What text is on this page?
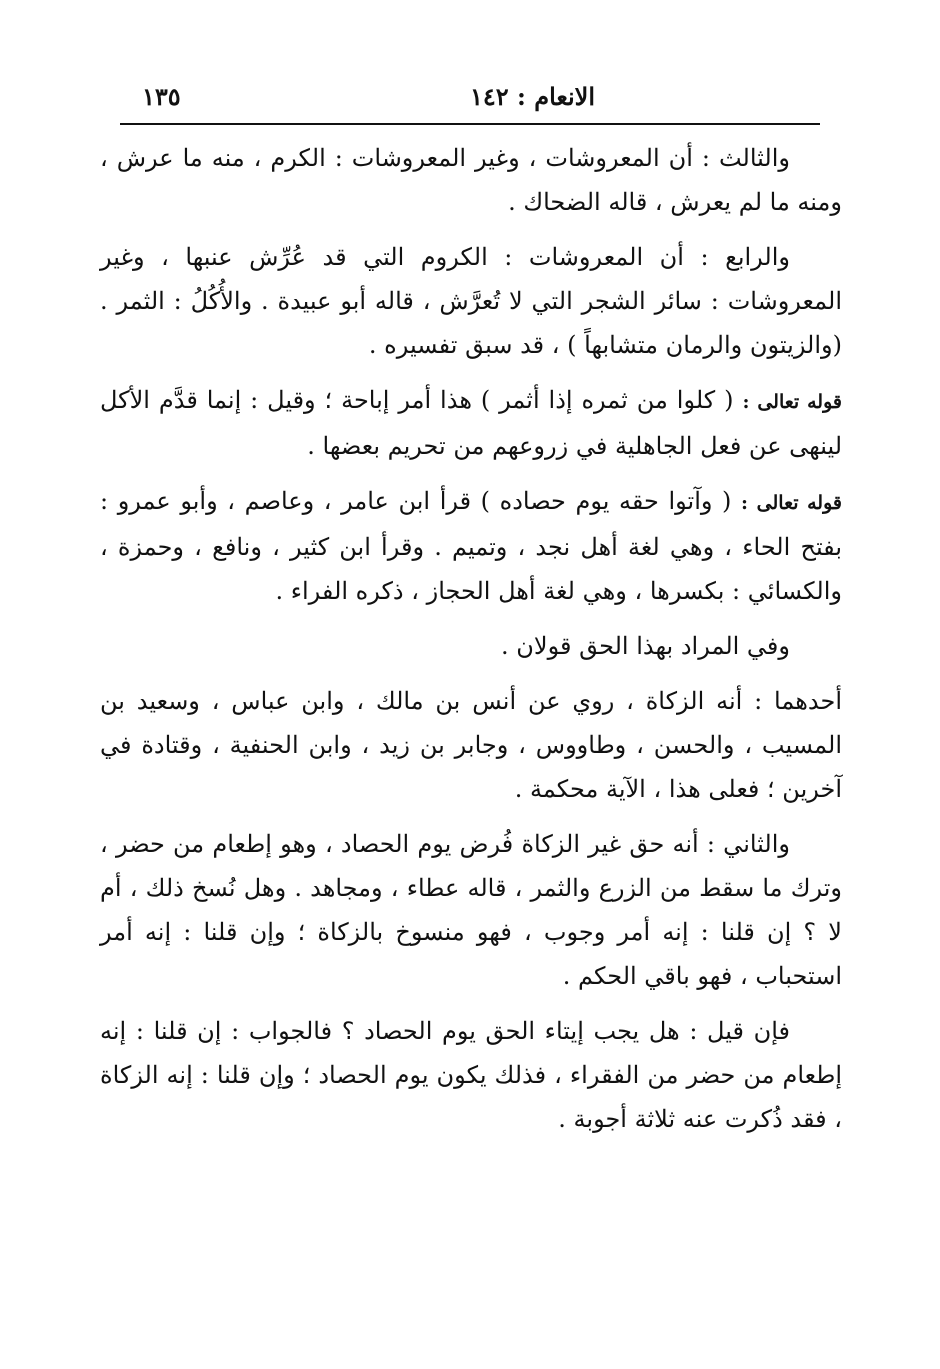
الانعام : ١٤٢
١٣٥

والثالث : أن المعروشات ، وغير المعروشات : الكرم ، منه ما عرش ، ومنه ما لم يعرش ، قاله الضحاك .

والرابع : أن المعروشات : الكروم التي قد عُرِّش عنبها ، وغير المعروشات : سائر الشجر التي لا تُعرَّش ، قاله أبو عبيدة . والأُكُلُ : الثمر . (والزيتون والرمان متشابهاً ) ، قد سبق تفسيره .

قوله تعالى : ( كلوا من ثمره إذا أثمر ) هذا أمر إباحة ؛ وقيل : إنما قدَّم الأكل لينهى عن فعل الجاهلية في زروعهم من تحريم بعضها .

قوله تعالى : ( وآتوا حقه يوم حصاده ) قرأ ابن عامر ، وعاصم ، وأبو عمرو : بفتح الحاء ، وهي لغة أهل نجد ، وتميم . وقرأ ابن كثير ، ونافع ، وحمزة ، والكسائي : بكسرها ، وهي لغة أهل الحجاز ، ذكره الفراء .

وفي المراد بهذا الحق قولان .

أحدهما : أنه الزكاة ، روي عن أنس بن مالك ، وابن عباس ، وسعيد بن المسيب ، والحسن ، وطاووس ، وجابر بن زيد ، وابن الحنفية ، وقتادة في آخرين ؛ فعلى هذا ، الآية محكمة .

والثاني : أنه حق غير الزكاة فُرض يوم الحصاد ، وهو إطعام من حضر ، وترك ما سقط من الزرع والثمر ، قاله عطاء ، ومجاهد . وهل نُسخ ذلك ، أم لا ؟ إن قلنا : إنه أمر وجوب ، فهو منسوخ بالزكاة ؛ وإن قلنا : إنه أمر استحباب ، فهو باقي الحكم .

فإن قيل : هل يجب إيتاء الحق يوم الحصاد ؟ فالجواب : إن قلنا : إنه إطعام من حضر من الفقراء ، فذلك يكون يوم الحصاد ؛ وإن قلنا : إنه الزكاة ، فقد ذُكرت عنه ثلاثة أجوبة .
